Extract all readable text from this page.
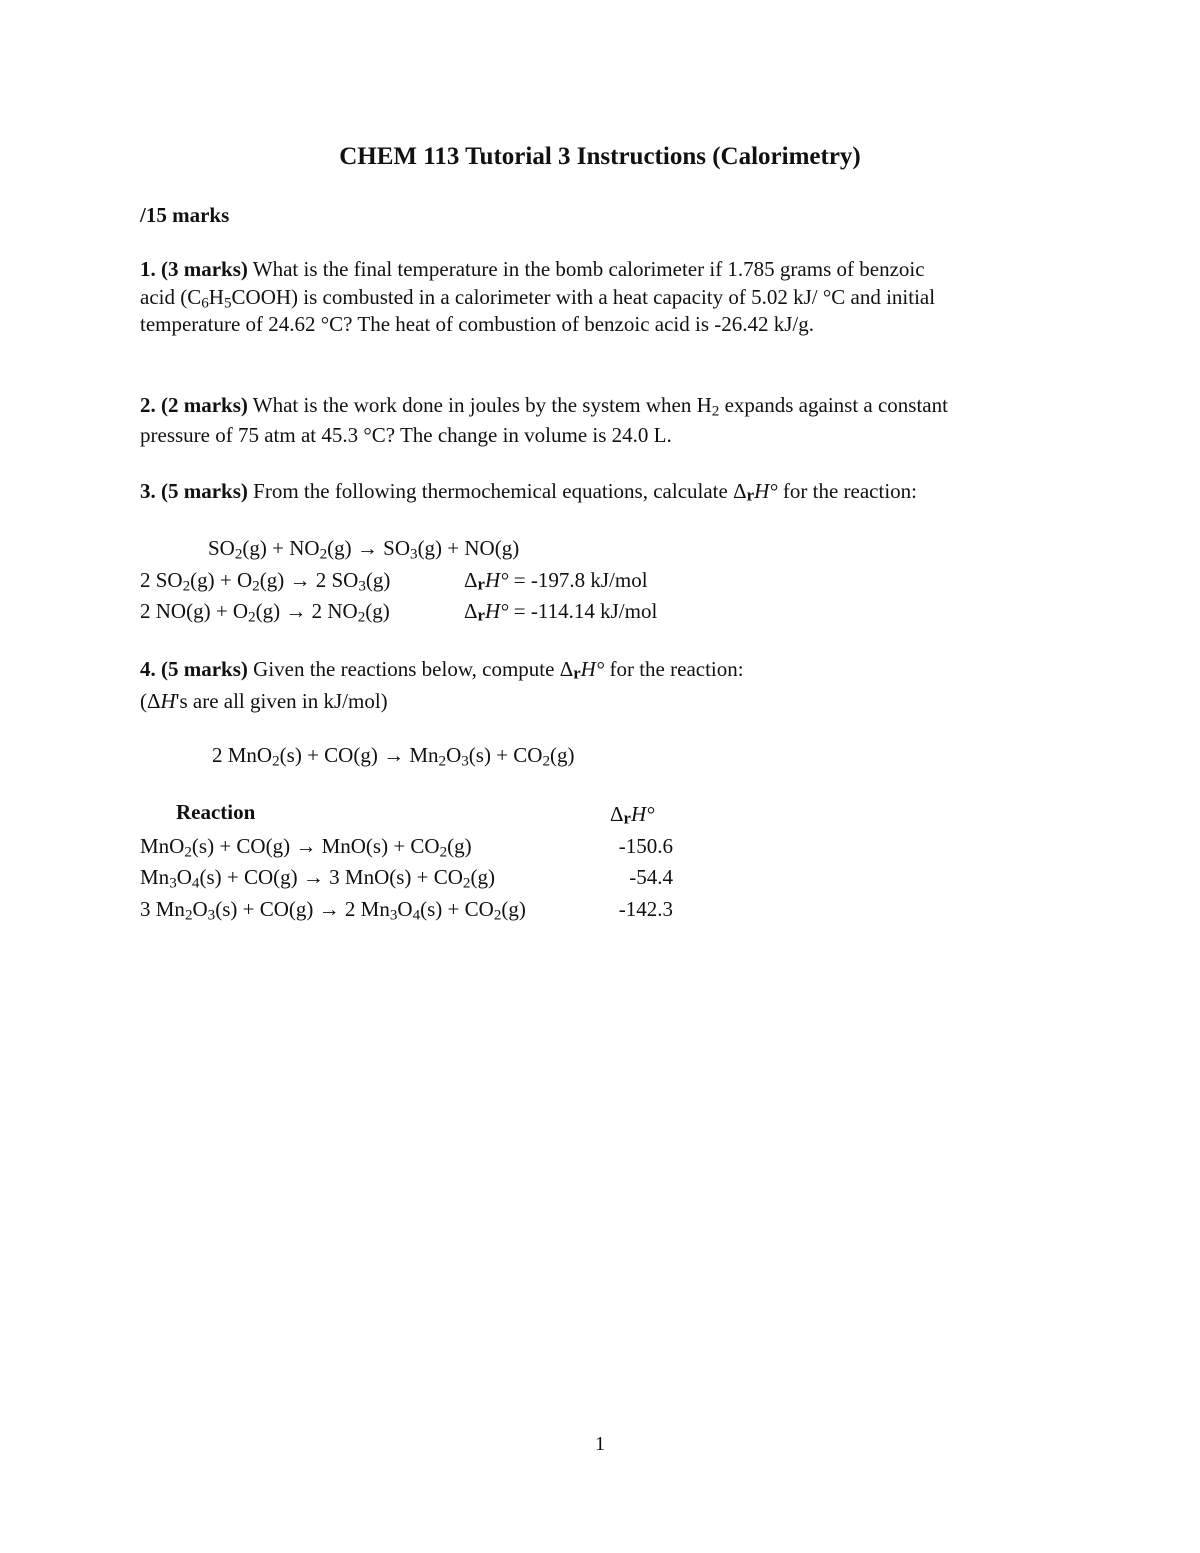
CHEM 113 Tutorial 3 Instructions (Calorimetry)
/15 marks
1. (3 marks) What is the final temperature in the bomb calorimeter if 1.785 grams of benzoic
acid $(C_6H_5COOH)$ is combusted in a calorimeter with a heat capacity of 5.02 kJ/ °C and initial
temperature of 24.62 °C? The heat of combustion of benzoic acid is -26.42 kJ/g.
2. (2 marks) What is the work done in joules by the system when $H_2$ expands against a constant
pressure of 75 atm at 45.3 °C? The change in volume is 24.0 L.
3. (5 marks) From the following thermochemical equations, calculate ΔrH° for the reaction:
SO2(g) + NO2(g) → SO3(g) + NO(g)
2 SO2(g) + O2(g) → 2 SO3(g)	ΔrH° = -197.8 kJ/mol
2 NO(g) + O2(g) → 2 NO2(g)	ΔrH° = -114.14 kJ/mol
4. (5 marks) Given the reactions below, compute ΔrH° for the reaction:
(ΔH's are all given in kJ/mol)
2 MnO2(s) + CO(g) → Mn2O3(s) + CO2(g)
Reaction	ΔrH°
MnO2(s) + CO(g) → MnO(s) + CO2(g)	-150.6
Mn3O4(s) + CO(g) → 3 MnO(s) + CO2(g)	-54.4
3 Mn2O3(s) + CO(g) → 2 Mn3O4(s) + CO2(g)	-142.3
1
